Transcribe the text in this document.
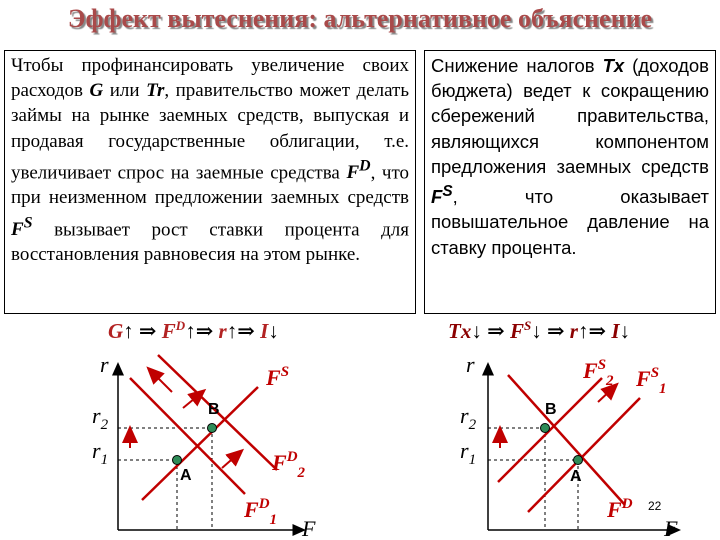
Эффект вытеснения: альтернативное объяснение
Чтобы профинансировать увеличение своих расходов G или Tr, правительство может делать займы на рынке заемных средств, выпуская и продавая государственные облигации, т.е. увеличивает спрос на заемные средства $F^D$, что при неизменном предложении заемных средств $F^S$ вызывает рост ставки процента для восстановления равновесия на этом рынке.
Снижение налогов Tx (доходов бюджета) ведет к сокращению сбережений правительства, являющихся компонентом предложения заемных средств $F^S$, что оказывает повышательное давление на ставку процента.
G↑ ⇒ $F^D↑\Rightarrow$ r↑⇒ I↓	Tx↓ ⇒ $F^S↓$ ⇒ r↑⇒ I↓
r
F
$r_2$
$r_1$
A
B
$F^S$
$F^D_2$
$F^D_1$
r
F
$r_2$
$r_1$
A
B
$F^S_2$ $F^S_1$
$F^D$ 22
